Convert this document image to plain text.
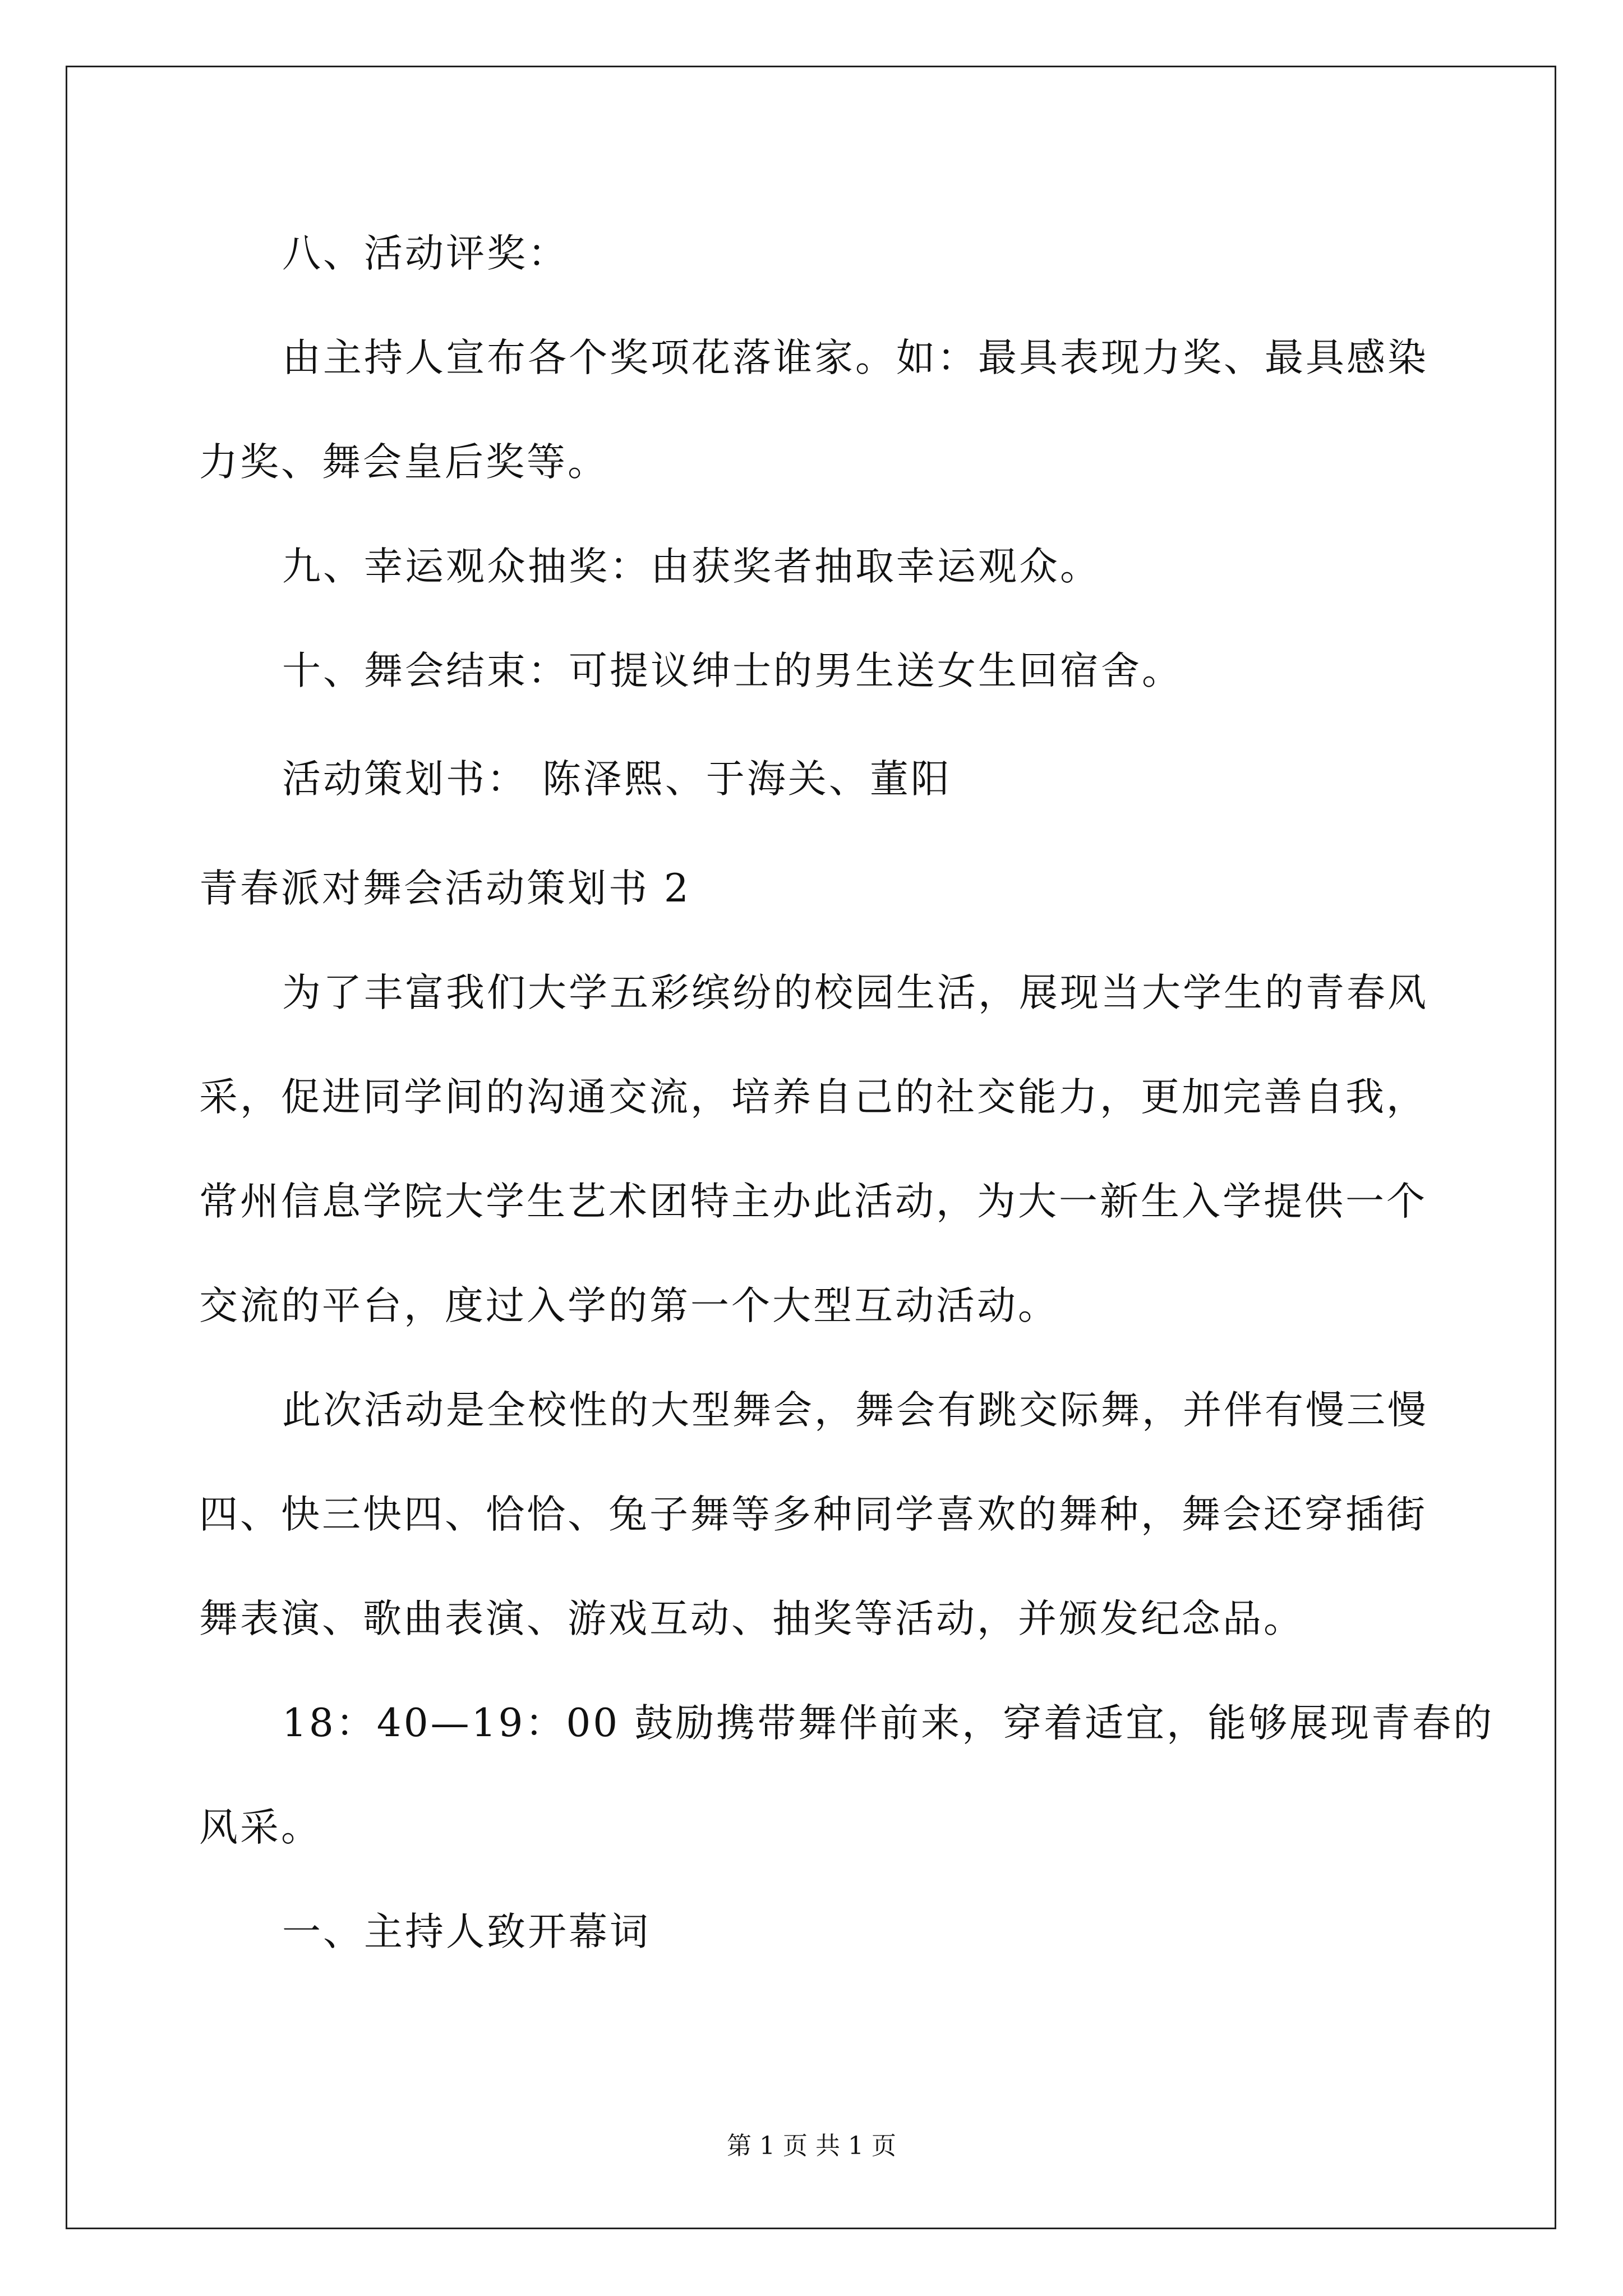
八、活动评奖：
由主持人宣布各个奖项花落谁家。如：最具表现力奖、最具感染
力奖、舞会皇后奖等。
九、幸运观众抽奖：由获奖者抽取幸运观众。
十、舞会结束：可提议绅士的男生送女生回宿舍。
活动策划书： 陈泽熙、于海关、董阳
青春派对舞会活动策划书 2
为了丰富我们大学五彩缤纷的校园生活，展现当大学生的青春风
采，促进同学间的沟通交流，培养自己的社交能力，更加完善自我，
常州信息学院大学生艺术团特主办此活动，为大一新生入学提供一个
交流的平台，度过入学的第一个大型互动活动。
此次活动是全校性的大型舞会，舞会有跳交际舞，并伴有慢三慢
四、快三快四、恰恰、兔子舞等多种同学喜欢的舞种，舞会还穿插街
舞表演、歌曲表演、游戏互动、抽奖等活动，并颁发纪念品。
18：40—19：00 鼓励携带舞伴前来，穿着适宜，能够展现青春的
风采。
一、主持人致开幕词
第 1 页 共 1 页
